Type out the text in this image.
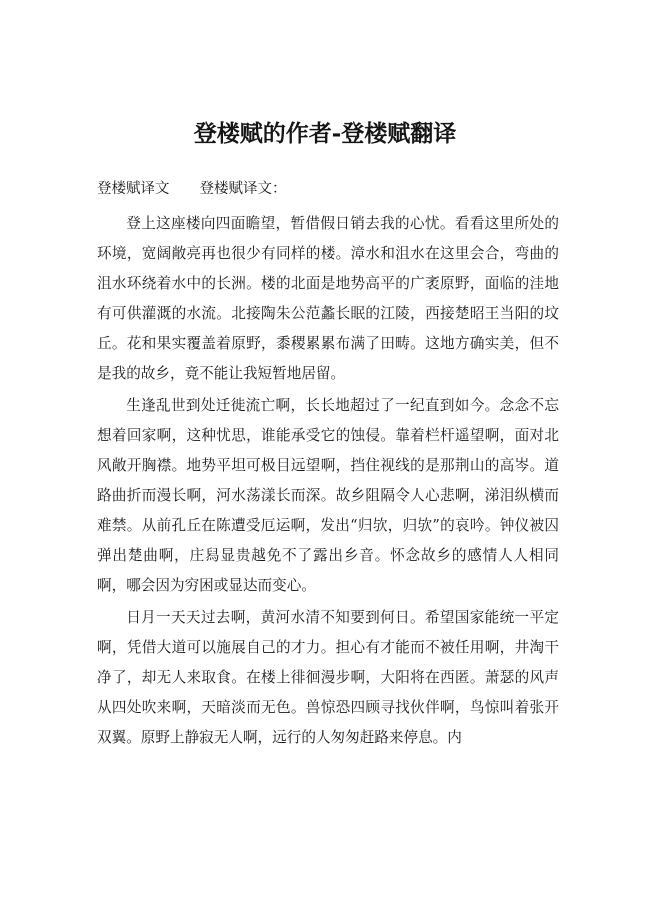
登楼赋的作者-登楼赋翻译
登楼赋译文 登楼赋译文：

登上这座楼向四面瞻望，暂借假日销去我的心忧。看看这里所处的环境，宽阔敞亮再也很少有同样的楼。漳水和沮水在这里会合，弯曲的沮水环绕着水中的长洲。楼的北面是地势高平的广袤原野，面临的洼地有可供灌溉的水流。北接陶朱公范蠡长眠的江陵，西接楚昭王当阳的坟丘。花和果实覆盖着原野，黍稷累累布满了田畴。这地方确实美，但不是我的故乡，竟不能让我短暂地居留。

生逢乱世到处迁徙流亡啊，长长地超过了一纪直到如今。念念不忘想着回家啊，这种忧思，谁能承受它的蚀侵。靠着栏杆遥望啊，面对北风敞开胸襟。地势平坦可极目远望啊，挡住视线的是那荆山的高岑。道路曲折而漫长啊，河水荡漾长而深。故乡阻隔令人心悲啊，涕泪纵横而难禁。从前孔丘在陈遭受厄运啊，发出“归欤，归欤”的哀吟。钟仪被囚弹出楚曲啊，庄舄显贵越免不了露出乡音。怀念故乡的感情人人相同啊，哪会因为穷困或显达而变心。

日月一天天过去啊，黄河水清不知要到何日。希望国家能统一平定啊，凭借大道可以施展自己的才力。担心有才能而不被任用啊，井淘干净了，却无人来取食。在楼上徘徊漫步啊，大阳将在西匿。萧瑟的风声从四处吹来啊，天暗淡而无色。兽惊恐四顾寻找伙伴啊，鸟惊叫着张开双翼。原野上静寂无人啊，远行的人匆匆赶路来停息。内
